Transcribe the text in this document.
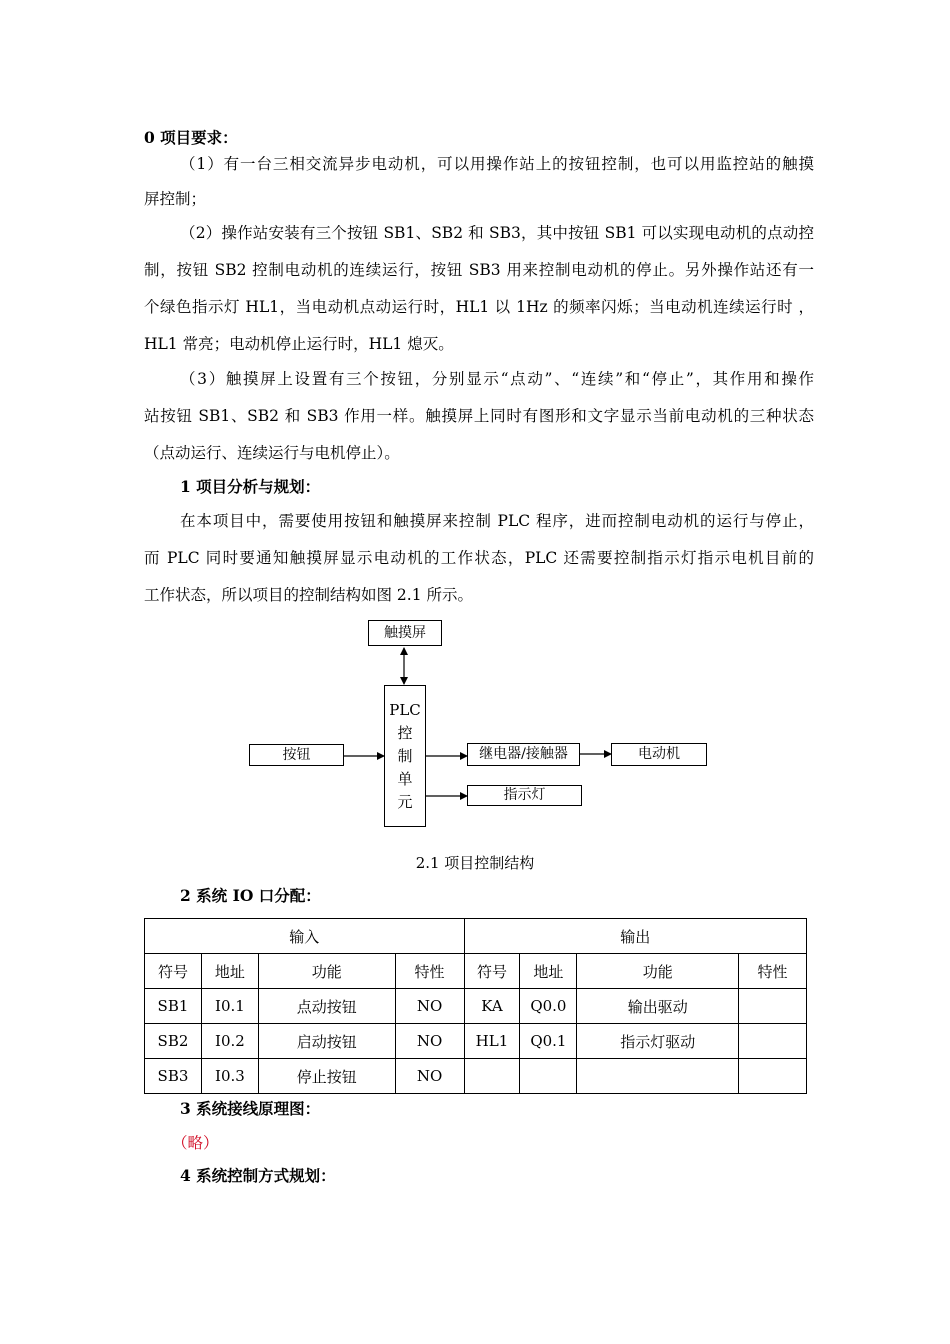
0 项目要求：
（1）有一台三相交流异步电动机，可以用操作站上的按钮控制，也可以用监控站的触摸
屏控制；
（2）操作站安装有三个按钮 SB1、SB2 和 SB3，其中按钮 SB1 可以实现电动机的点动控
制，按钮 SB2 控制电动机的连续运行，按钮 SB3 用来控制电动机的停止。另外操作站还有一
个绿色指示灯 HL1，当电动机点动运行时，HL1 以 1Hz 的频率闪烁；当电动机连续运行时 ，
HL1 常亮；电动机停止运行时，HL1 熄灭。
（3）触摸屏上设置有三个按钮，分别显示“点动”、“连续”和“停止”，其作用和操作
站按钮 SB1、SB2 和 SB3 作用一样。触摸屏上同时有图形和文字显示当前电动机的三种状态
（点动运行、连续运行与电机停止）。
1 项目分析与规划：
在本项目中，需要使用按钮和触摸屏来控制 PLC 程序，进而控制电动机的运行与停止，
而 PLC 同时要通知触摸屏显示电动机的工作状态，PLC 还需要控制指示灯指示电机目前的
工作状态，所以项目的控制结构如图 2.1 所示。
触摸屏
PLC
控
制
单
元
按钮	继电器/接触器	电动机
指示灯
2.1 项目控制结构
2 系统 IO 口分配：
输入				输出			
符号	地址	功能	特性	符号	地址	功能	特性
SB1	I0.1	点动按钮	NO	KA	Q0.0	输出驱动	
SB2	I0.2	启动按钮	NO	HL1	Q0.1	指示灯驱动	
SB3	I0.3	停止按钮	NO				
3 系统接线原理图：
（略）
4 系统控制方式规划：
